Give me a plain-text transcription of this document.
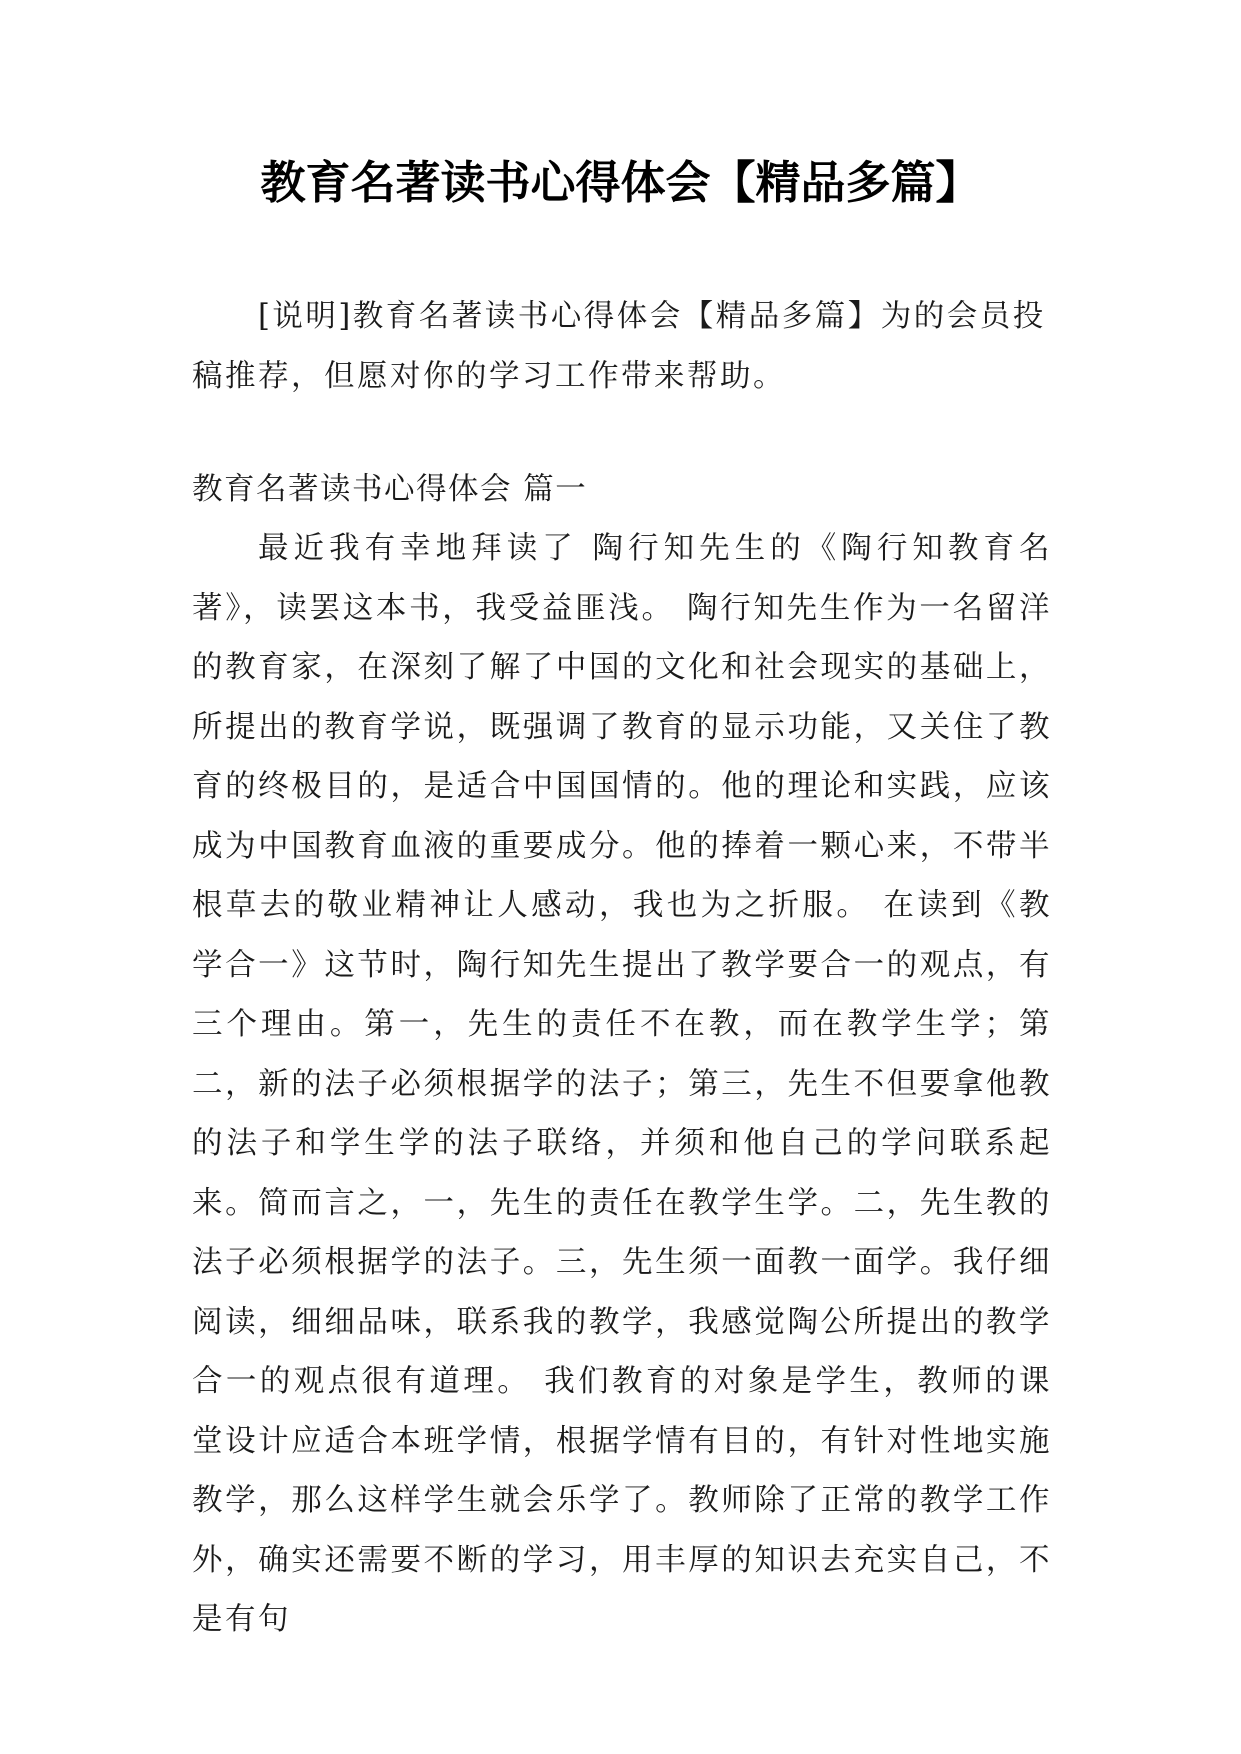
教育名著读书心得体会【精品多篇】

[说明]教育名著读书心得体会【精品多篇】为的会员投稿推荐，但愿对你的学习工作带来帮助。

教育名著读书心得体会 篇一

最近我有幸地拜读了 陶行知先生的《陶行知教育名著》，读罢这本书，我受益匪浅。 陶行知先生作为一名留洋的教育家，在深刻了解了中国的文化和社会现实的基础上，所提出的教育学说，既强调了教育的显示功能，又关住了教育的终极目的，是适合中国国情的。他的理论和实践，应该成为中国教育血液的重要成分。他的捧着一颗心来，不带半根草去的敬业精神让人感动，我也为之折服。 在读到《教学合一》这节时，陶行知先生提出了教学要合一的观点，有三个理由。第一，先生的责任不在教，而在教学生学；第二，新的法子必须根据学的法子；第三，先生不但要拿他教的法子和学生学的法子联络，并须和他自己的学问联系起来。简而言之，一，先生的责任在教学生学。二，先生教的法子必须根据学的法子。三，先生须一面教一面学。我仔细阅读，细细品味，联系我的教学，我感觉陶公所提出的教学合一的观点很有道理。 我们教育的对象是学生，教师的课堂设计应适合本班学情，根据学情有目的，有针对性地实施教学，那么这样学生就会乐学了。教师除了正常的教学工作外，确实还需要不断的学习，用丰厚的知识去充实自己，不是有句
